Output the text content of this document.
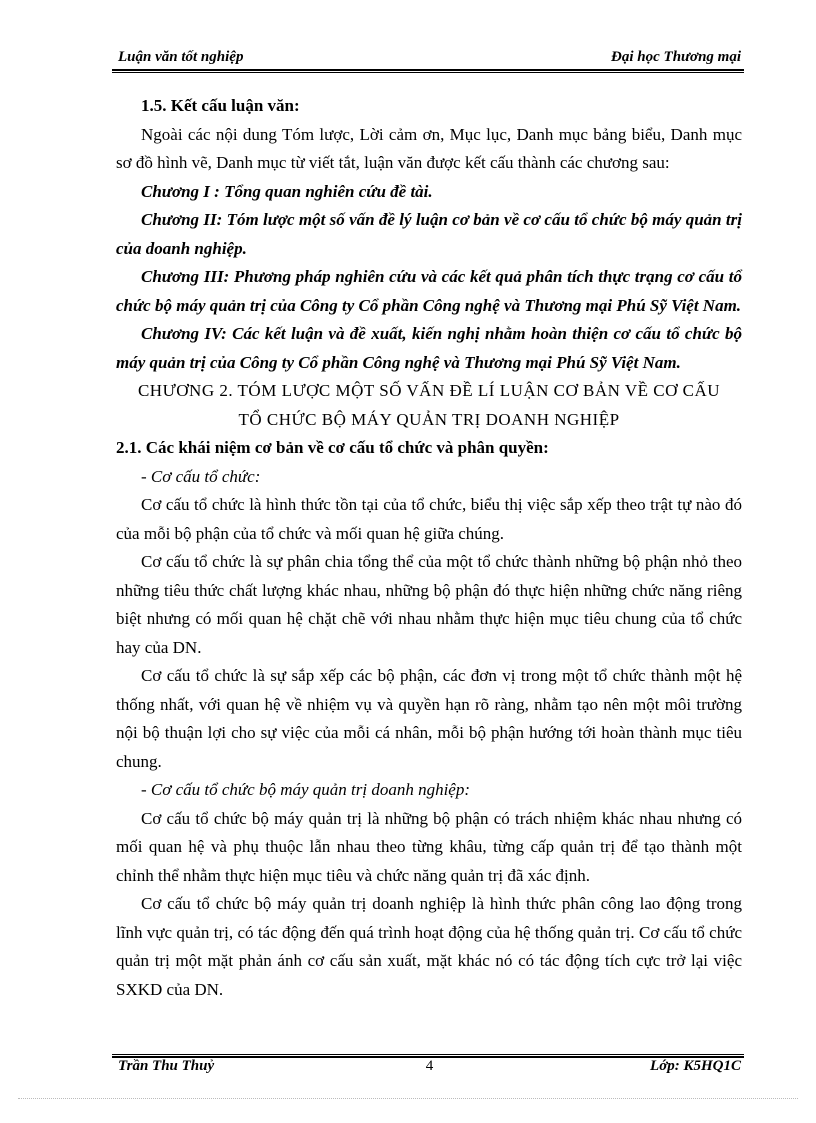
Luận văn tốt nghiệp	Đại học Thương mại

1.5. Kết cấu luận văn:

Ngoài các nội dung Tóm lược, Lời cảm ơn, Mục lục, Danh mục bảng biểu, Danh mục sơ đồ hình vẽ, Danh mục từ viết tắt, luận văn được kết cấu thành các chương sau:

Chương I : Tổng quan nghiên cứu đề tài.

Chương II: Tóm lược một số vấn đề lý luận cơ bản về cơ cấu tổ chức bộ máy quản trị của doanh nghiệp.

Chương III: Phương pháp nghiên cứu và các kết quả phân tích thực trạng cơ cấu tổ chức bộ máy quản trị của Công ty Cổ phần Công nghệ và Thương mại Phú Sỹ Việt Nam.

Chương IV: Các kết luận và đề xuất, kiến nghị nhằm hoàn thiện cơ cấu tổ chức bộ máy quản trị của Công ty Cổ phần Công nghệ và Thương mại Phú Sỹ Việt Nam.

CHƯƠNG 2. TÓM LƯỢC MỘT SỐ VẤN ĐỀ LÍ LUẬN CƠ BẢN VỀ CƠ CẤU

TỔ CHỨC BỘ MÁY QUẢN TRỊ DOANH NGHIỆP

2.1. Các khái niệm cơ bản về cơ cấu tổ chức và phân quyền:

- Cơ cấu tổ chức:

Cơ cấu tổ chức là hình thức tồn tại của tổ chức, biểu thị việc sắp xếp theo trật tự nào đó của mỗi bộ phận của tổ chức và mối quan hệ giữa chúng.

Cơ cấu tổ chức là sự phân chia tổng thể của một tổ chức thành những bộ phận nhỏ theo những tiêu thức chất lượng khác nhau, những bộ phận đó thực hiện những chức năng riêng biệt nhưng có mối quan hệ chặt chẽ với nhau nhằm thực hiện mục tiêu chung của tổ chức hay của DN.

Cơ cấu tổ chức là sự sắp xếp các bộ phận, các đơn vị trong một tổ chức thành một hệ thống nhất, với quan hệ về nhiệm vụ và quyền hạn rõ ràng, nhằm tạo nên một môi trường nội bộ thuận lợi cho sự việc của mỗi cá nhân, mỗi bộ phận hướng tới hoàn thành mục tiêu chung.

- Cơ cấu tổ chức bộ máy quản trị doanh nghiệp:

Cơ cấu tổ chức bộ máy quản trị là những bộ phận có trách nhiệm khác nhau nhưng có mối quan hệ và phụ thuộc lẫn nhau theo từng khâu, từng cấp quản trị để tạo thành một chỉnh thể nhằm thực hiện mục tiêu và chức năng quản trị đã xác định.

Cơ cấu tổ chức bộ máy quản trị doanh nghiệp là hình thức phân công lao động trong lĩnh vực quản trị, có tác động đến quá trình hoạt động của hệ thống quản trị. Cơ cấu tổ chức quản trị một mặt phản ánh cơ cấu sản xuất, mặt khác nó có tác động tích cực trở lại việc SXKD của DN.

Trần Thu Thuỷ	4	Lớp: K5HQ1C
